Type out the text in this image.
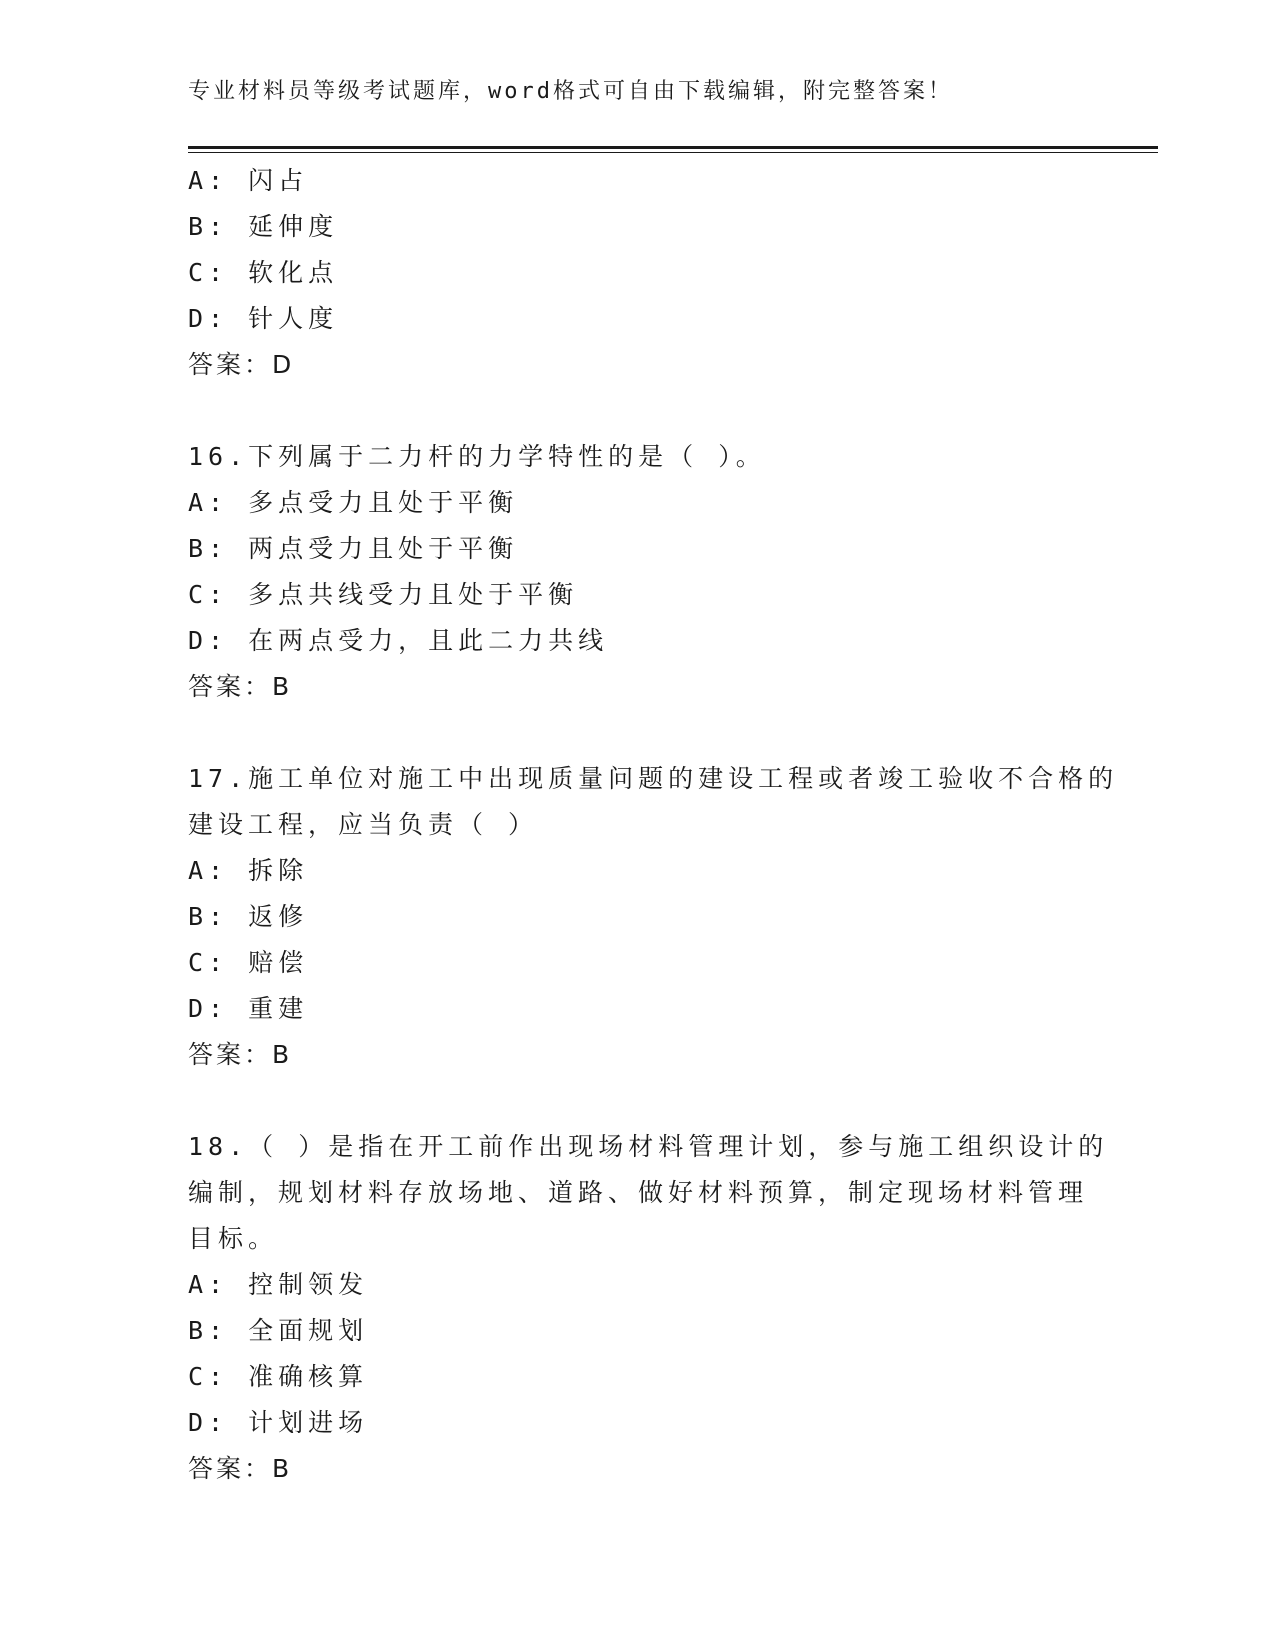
专业材料员等级考试题库，word格式可自由下载编辑，附完整答案！
A: 闪占
B: 延伸度
C: 软化点
D: 针人度
答案：D
16.下列属于二力杆的力学特性的是（ ）。
A: 多点受力且处于平衡
B: 两点受力且处于平衡
C: 多点共线受力且处于平衡
D: 在两点受力，且此二力共线
答案：B
17.施工单位对施工中出现质量问题的建设工程或者竣工验收不合格的
建设工程，应当负责（ ）
A: 拆除
B: 返修
C: 赔偿
D: 重建
答案：B
18.（ ）是指在开工前作出现场材料管理计划，参与施工组织设计的
编制，规划材料存放场地、道路、做好材料预算，制定现场材料管理
目标。
A: 控制领发
B: 全面规划
C: 准确核算
D: 计划进场
答案：B
